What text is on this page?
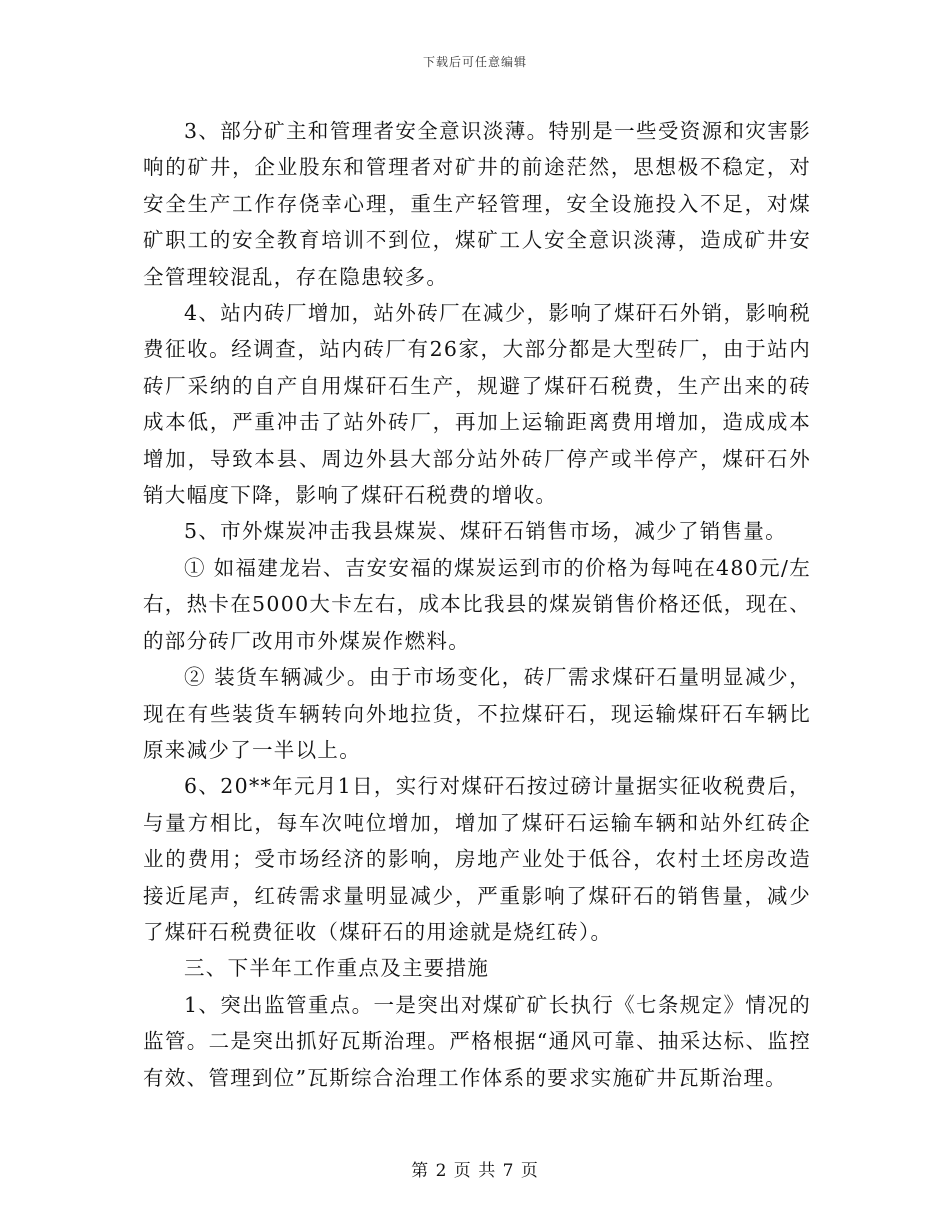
下载后可任意编辑

3、部分矿主和管理者安全意识淡薄。特别是一些受资源和灾害影响的矿井，企业股东和管理者对矿井的前途茫然，思想极不稳定，对安全生产工作存侥幸心理，重生产轻管理，安全设施投入不足，对煤矿职工的安全教育培训不到位，煤矿工人安全意识淡薄，造成矿井安全管理较混乱，存在隐患较多。

4、站内砖厂增加，站外砖厂在减少，影响了煤矸石外销，影响税费征收。经调查，站内砖厂有26家，大部分都是大型砖厂，由于站内砖厂采纳的自产自用煤矸石生产，规避了煤矸石税费，生产出来的砖成本低，严重冲击了站外砖厂，再加上运输距离费用增加，造成成本增加，导致本县、周边外县大部分站外砖厂停产或半停产，煤矸石外销大幅度下降，影响了煤矸石税费的增收。

5、市外煤炭冲击我县煤炭、煤矸石销售市场，减少了销售量。

① 如福建龙岩、吉安安福的煤炭运到市的价格为每吨在480元/左右，热卡在5000大卡左右，成本比我县的煤炭销售价格还低，现在、的部分砖厂改用市外煤炭作燃料。

② 装货车辆减少。由于市场变化，砖厂需求煤矸石量明显减少，现在有些装货车辆转向外地拉货，不拉煤矸石，现运输煤矸石车辆比原来减少了一半以上。

6、20**年元月1日，实行对煤矸石按过磅计量据实征收税费后，与量方相比，每车次吨位增加，增加了煤矸石运输车辆和站外红砖企业的费用；受市场经济的影响，房地产业处于低谷，农村土坯房改造接近尾声，红砖需求量明显减少，严重影响了煤矸石的销售量，减少了煤矸石税费征收（煤矸石的用途就是烧红砖）。

三、下半年工作重点及主要措施

1、突出监管重点。一是突出对煤矿矿长执行《七条规定》情况的监管。二是突出抓好瓦斯治理。严格根据“通风可靠、抽采达标、监控有效、管理到位”瓦斯综合治理工作体系的要求实施矿井瓦斯治理。

第 2 页 共 7 页
